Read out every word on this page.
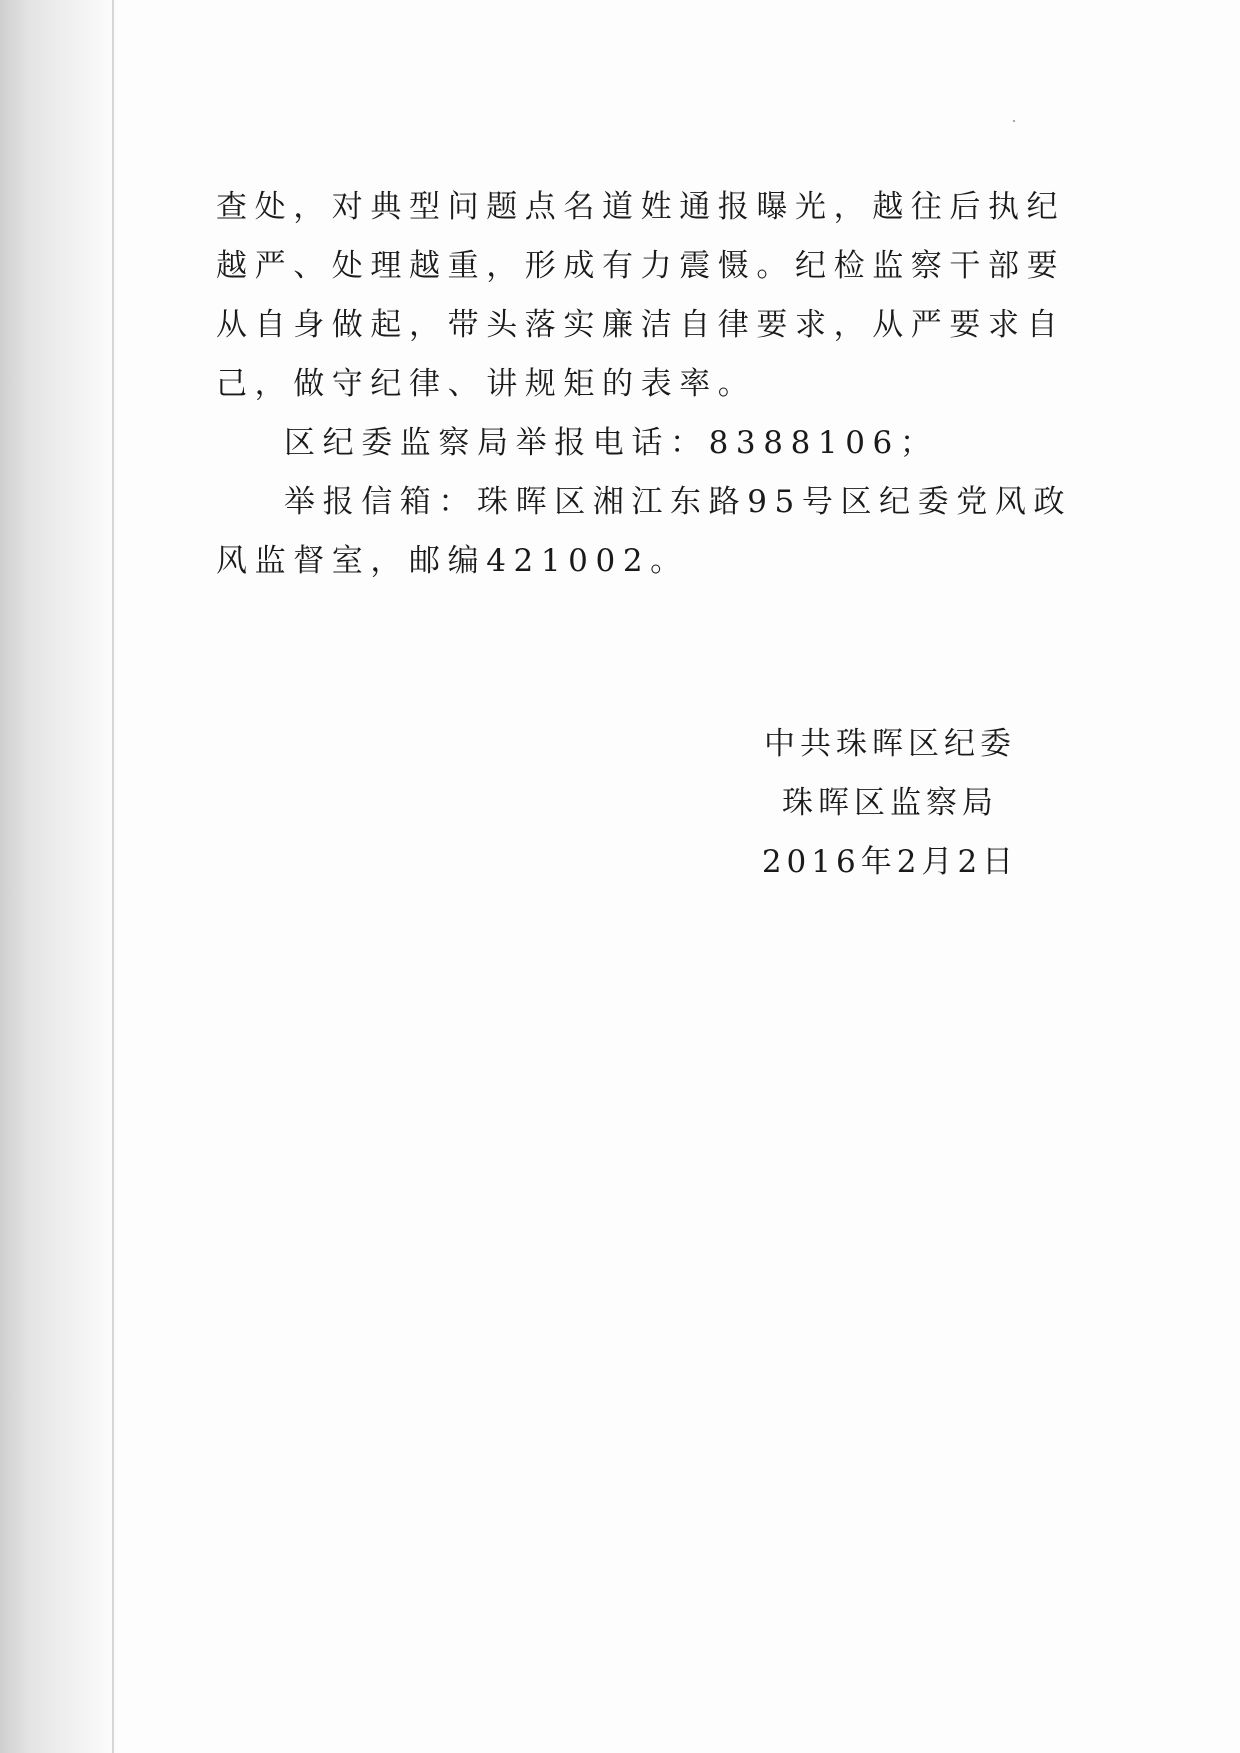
查处，对典型问题点名道姓通报曝光，越往后执纪越严、处理越重，形成有力震慑。纪检监察干部要从自身做起，带头落实廉洁自律要求，从严要求自己，做守纪律、讲规矩的表率。

区纪委监察局举报电话：8388106；

举报信箱：珠晖区湘江东路95号区纪委党风政风监督室，邮编421002。

中共珠晖区纪委
珠晖区监察局
2016年2月2日
